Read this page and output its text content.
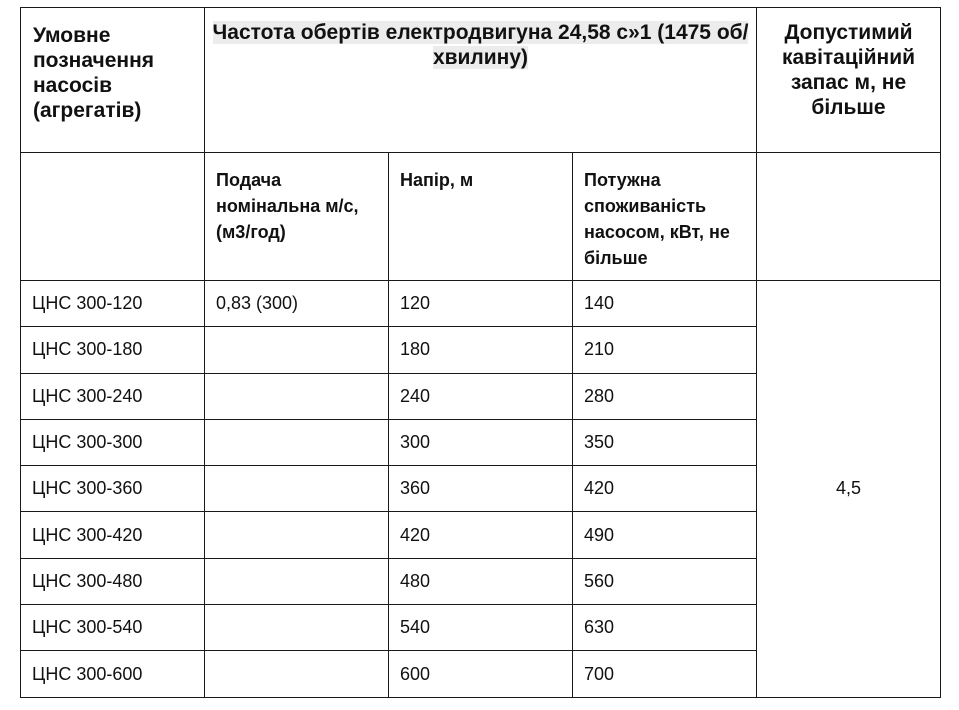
Умовне позначення насосів (агрегатів)	Частота обертів електродвигуна 24,58 с»1 (1475 об/хвилину)			Допустимий кавітаційний запас м, не більше
	Подача номінальна м/с, (м3/год)	Напір, м	Потужна споживаність насосом, кВт, не більше	
ЦНС 300-120	0,83 (300)	120	140	4,5
ЦНС 300-180		180	210	
ЦНС 300-240		240	280	
ЦНС 300-300		300	350	
ЦНС 300-360		360	420	
ЦНС 300-420		420	490	
ЦНС 300-480		480	560	
ЦНС 300-540		540	630	
ЦНС 300-600		600	700	
